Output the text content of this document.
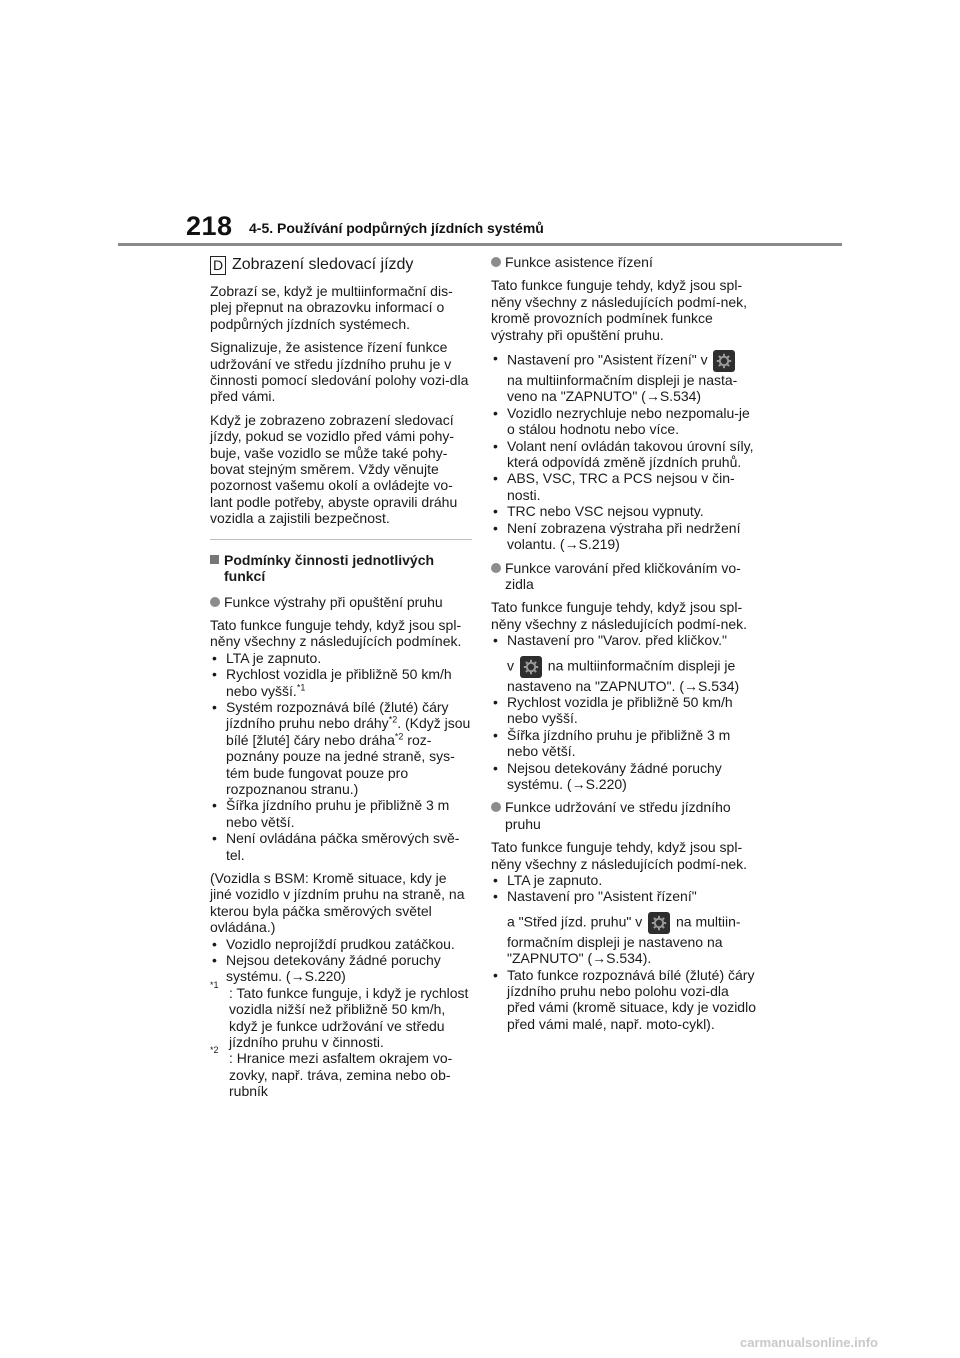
218 4-5. Používání podpůrných jízdních systémů
D Zobrazení sledovací jízdy

Zobrazí se, když je multiinformační dis-plej přepnut na obrazovku informací o podpůrných jízdních systémech.

Signalizuje, že asistence řízení funkce udržování ve středu jízdního pruhu je v činnosti pomocí sledování polohy vozi-dla před vámi.

Když je zobrazeno zobrazení sledovací jízdy, pokud se vozidlo před vámi pohy-buje, vaše vozidlo se může také pohy-bovat stejným směrem. Vždy věnujte pozornost vašemu okolí a ovládejte vo-lant podle potřeby, abyste opravili dráhu vozidla a zajistili bezpečnost.

Podmínky činnosti jednotlivých funkcí
Funkce výstrahy při opuštění pruhu

Tato funkce funguje tehdy, když jsou spl-něny všechny z následujících podmínek.

• LTA je zapnuto.

• Rychlost vozidla je přibližně 50 km/h nebo vyšší.$^{*1}$

• Systém rozpoznává bílé (žluté) čáry jízdního pruhu nebo dráhy$^{*2}$. (Když jsou bílé [žluté] čáry nebo dráha$^{*2}$ roz-poznány pouze na jedné straně, sys-tém bude fungovat pouze pro rozpoznanou stranu.)

• Šířka jízdního pruhu je přibližně 3 m nebo větší.

• Není ovládána páčka směrových svě-tel.

(Vozidla s BSM: Kromě situace, kdy je jiné vozidlo v jízdním pruhu na straně, na kterou byla páčka směrových světel ovládána.)

• Vozidlo neprojíždí prudkou zatáčkou.

• Nejsou detekovány žádné poruchy systému. (→S.220)

*1 : Tato funkce funguje, i když je rychlost vozidla nižší než přibližně 50 km/h, když je funkce udržování ve středu jízdního pruhu v činnosti.

*2 : Hranice mezi asfaltem okrajem vo-zovky, např. tráva, zemina nebo ob-rubník

Funkce asistence řízení

Tato funkce funguje tehdy, když jsou spl-něny všechny z následujících podmí-nek, kromě provozních podmínek funkce výstrahy při opuštění pruhu.

• Nastavení pro "Asistent řízení" v

na multiinformačním displeji je nasta-veno na "ZAPNUTO" (→S.534)

• Vozidlo nezrychluje nebo nezpomalu-je o stálou hodnotu nebo více.

• Volant není ovládán takovou úrovní síly, která odpovídá změně jízdních pruhů.

• ABS, VSC, TRC a PCS nejsou v čin-nosti.

• TRC nebo VSC nejsou vypnuty.

• Není zobrazena výstraha při nedržení volantu. (→S.219)

Funkce varování před kličkováním vo-zidla

Tato funkce funguje tehdy, když jsou spl-něny všechny z následujících podmí-nek.

• Nastavení pro "Varov. před kličkov."

v na multiinformačním displeji je nastaveno na "ZAPNUTO". (→S.534)

• Rychlost vozidla je přibližně 50 km/h nebo vyšší.

• Šířka jízdního pruhu je přibližně 3 m nebo větší.

• Nejsou detekovány žádné poruchy systému. (→S.220)

Funkce udržování ve středu jízdního pruhu

Tato funkce funguje tehdy, když jsou spl-něny všechny z následujících podmí-nek.

• LTA je zapnuto.

• Nastavení pro "Asistent řízení"

a "Střed jízd. pruhu" v na multiin-formačním displeji je nastaveno na "ZAPNUTO" (→S.534).

• Tato funkce rozpoznává bílé (žluté) čáry jízdního pruhu nebo polohu vozi-dla před vámi (kromě situace, kdy je vozidlo před vámi malé, např. moto-cykl).

carmanualsonline.info
